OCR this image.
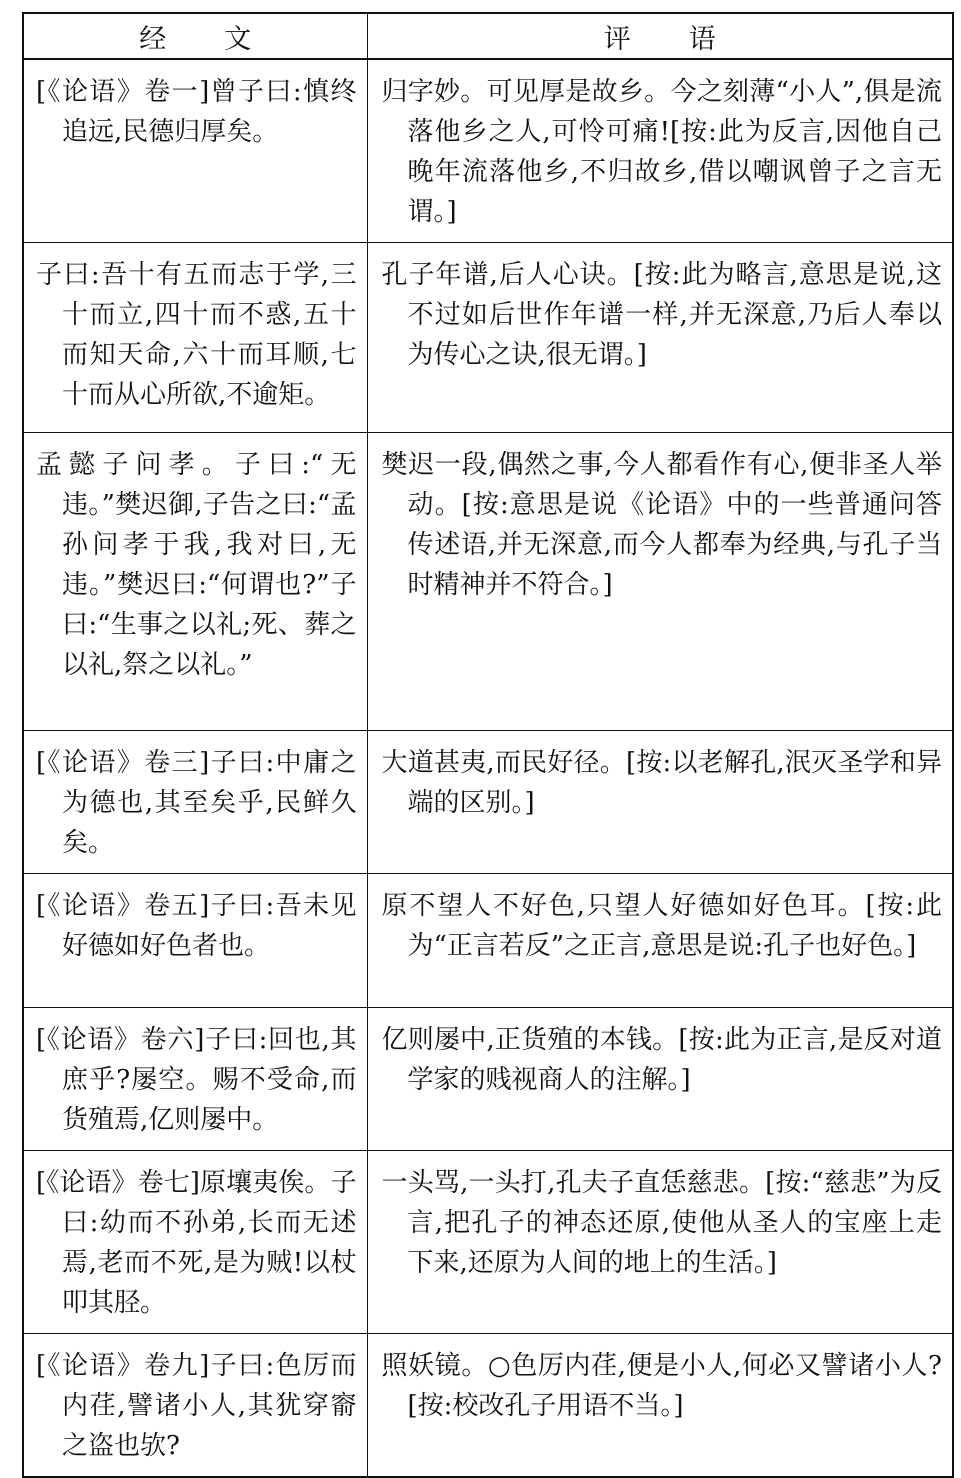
经 文	评 语
[《论语》卷一]曾子曰:慎终追远,民德归厚矣。	归字妙。可见厚是故乡。今之刻薄“小人”,俱是流落他乡之人,可怜可痛![按:此为反言,因他自己晚年流落他乡,不归故乡,借以嘲讽曾子之言无谓。]
子曰:吾十有五而志于学,三十而立,四十而不惑,五十而知天命,六十而耳顺,七十而从心所欲,不逾矩。	孔子年谱,后人心诀。[按:此为略言,意思是说,这不过如后世作年谱一样,并无深意,乃后人奉以为传心之诀,很无谓。]
孟懿子问孝。子曰:“无违。”樊迟御,子告之曰:“孟孙问孝于我,我对曰,无违。”樊迟曰:“何谓也?”子曰:“生事之以礼;死、葬之以礼,祭之以礼。”	樊迟一段,偶然之事,今人都看作有心,便非圣人举动。[按:意思是说《论语》中的一些普通问答传述语,并无深意,而今人都奉为经典,与孔子当时精神并不符合。]
[《论语》卷三]子曰:中庸之为德也,其至矣乎,民鲜久矣。	大道甚夷,而民好径。[按:以老解孔,泯灭圣学和异端的区别。]
[《论语》卷五]子曰:吾未见好德如好色者也。	原不望人不好色,只望人好德如好色耳。[按:此为“正言若反”之正言,意思是说:孔子也好色。]
[《论语》卷六]子曰:回也,其庶乎?屡空。赐不受命,而货殖焉,亿则屡中。	亿则屡中,正货殖的本钱。[按:此为正言,是反对道学家的贱视商人的注解。]
[《论语》卷七]原壤夷俟。子曰:幼而不孙弟,长而无述焉,老而不死,是为贼!以杖叩其胫。	一头骂,一头打,孔夫子直恁慈悲。[按:“慈悲”为反言,把孔子的神态还原,使他从圣人的宝座上走下来,还原为人间的地上的生活。]
[《论语》卷九]子曰:色厉而内荏,譬诸小人,其犹穿窬之盗也欤?	照妖镜。○色厉内荏,便是小人,何必又譬诸小人?[按:校改孔子用语不当。]
